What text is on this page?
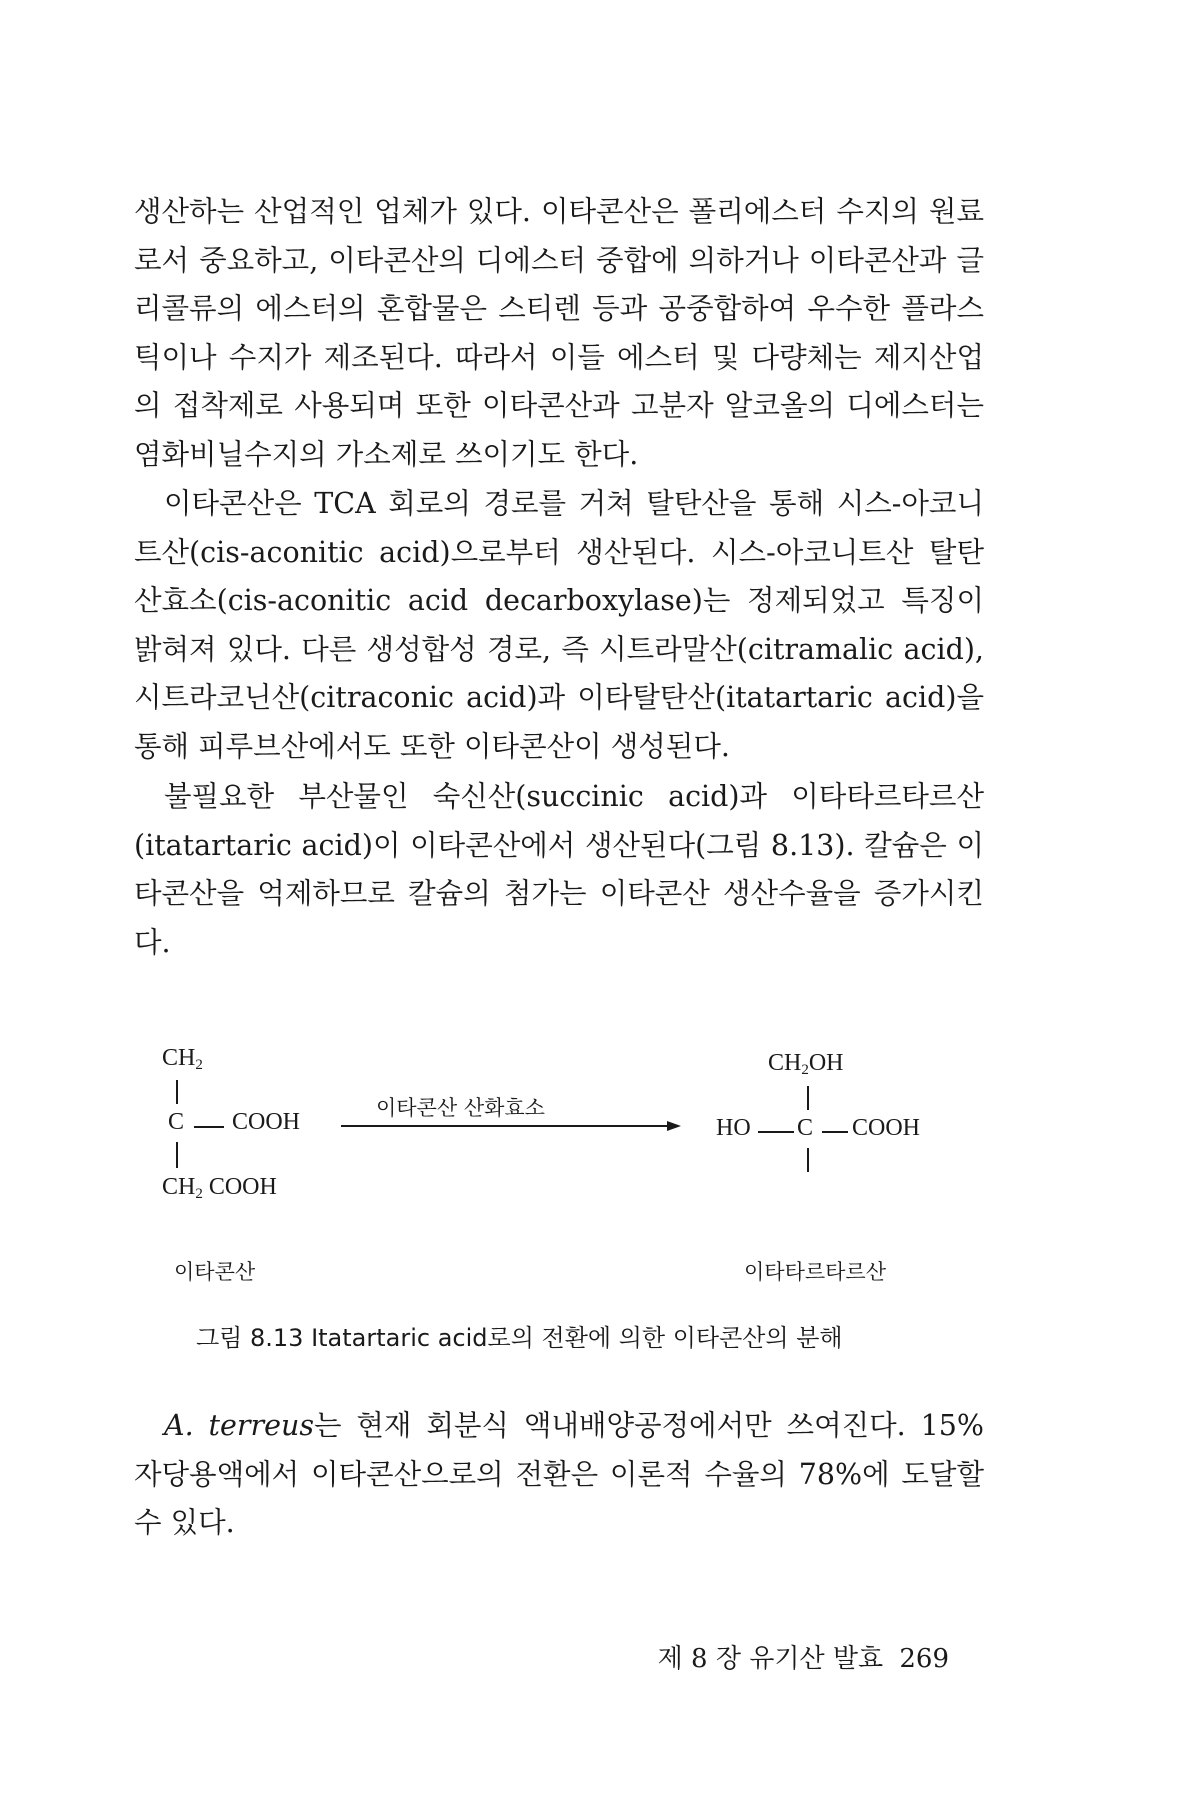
생산하는 산업적인 업체가 있다. 이타콘산은 폴리에스터 수지의 원료로서 중요하고, 이타콘산의 디에스터 중합에 의하거나 이타콘산과 글리콜류의 에스터의 혼합물은 스티렌 등과 공중합하여 우수한 플라스틱이나 수지가 제조된다. 따라서 이들 에스터 및 다량체는 제지산업의 접착제로 사용되며 또한 이타콘산과 고분자 알코올의 디에스터는 염화비닐수지의 가소제로 쓰이기도 한다.

이타콘산은 TCA 회로의 경로를 거쳐 탈탄산을 통해 시스-아코니트산(cis-aconitic acid)으로부터 생산된다. 시스-아코니트산 탈탄산효소(cis-aconitic acid decarboxylase)는 정제되었고 특징이 밝혀져 있다. 다른 생성합성 경로, 즉 시트라말산(citramalic acid), 시트라코닌산(citraconic acid)과 이타탈탄산(itatartaric acid)을 통해 피루브산에서도 또한 이타콘산이 생성된다.

불필요한 부산물인 숙신산(succinic acid)과 이타타르타르산(itatartaric acid)이 이타콘산에서 생산된다(그림 8.13). 칼슘은 이타콘산을 억제하므로 칼슘의 첨가는 이타콘산 생산수율을 증가시킨다.

$CH_2$
C COOH
$CH_2$ COOH
이타콘산
이타콘산 산화효소
$CH_2OH$
HO C COOH
이타타르타르산
그림 8.13 Itatartaric acid로의 전환에 의한 이타콘산의 분해

A. terreus는 현재 회분식 액내배양공정에서만 쓰여진다. 15% 자당용액에서 이타콘산으로의 전환은 이론적 수율의 78%에 도달할 수 있다.

제 8 장 유기산 발효 269
